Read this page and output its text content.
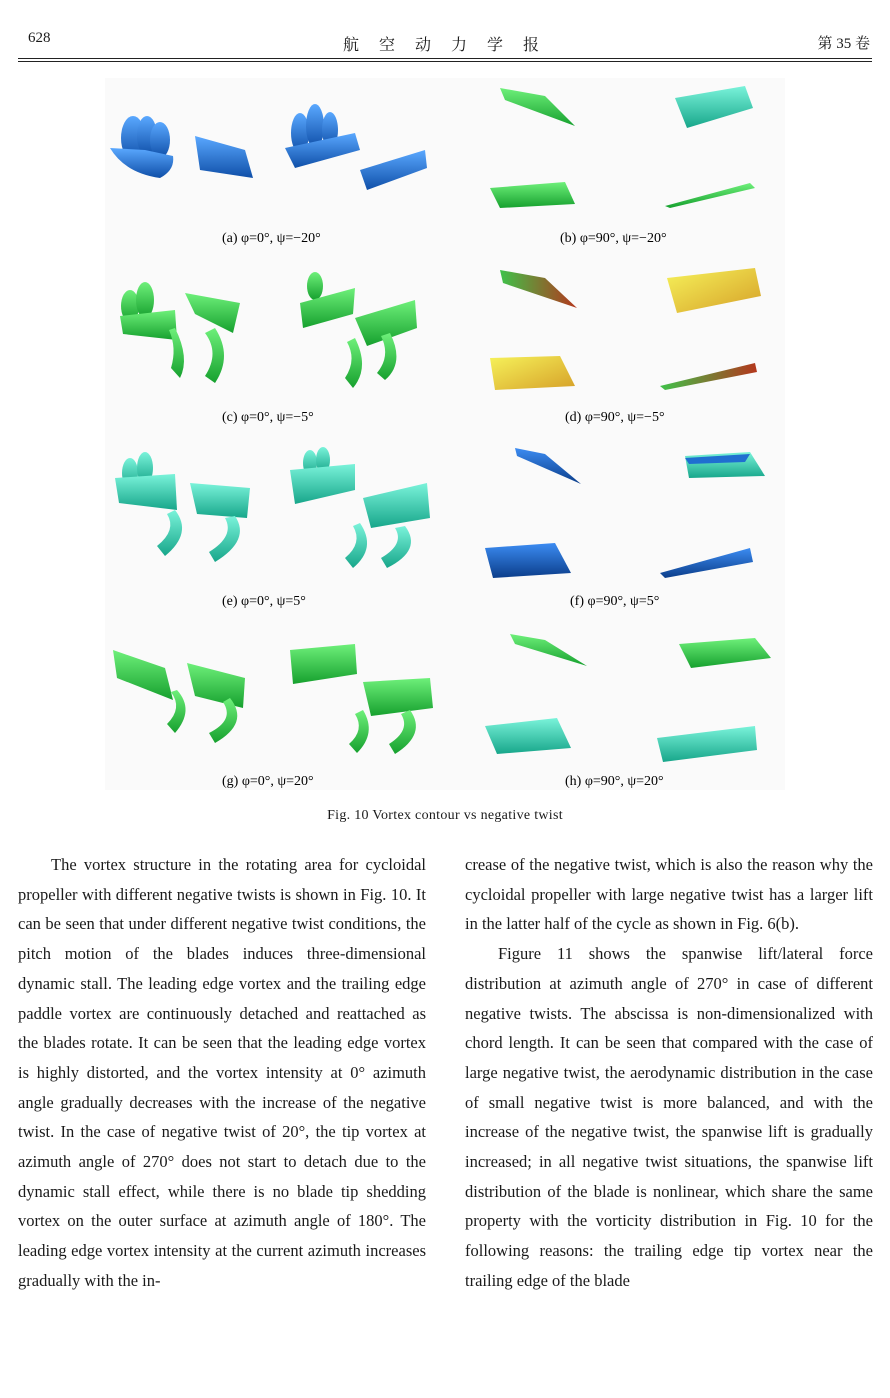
628	航 空 动 力 学 报	第 35 卷
(a) φ=0°, ψ=−20°	(b) φ=90°, ψ=−20°
(c) φ=0°, ψ=−5°	(d) φ=90°, ψ=−5°
(e) φ=0°, ψ=5°	(f) φ=90°, ψ=5°
(g) φ=0°, ψ=20°	(h) φ=90°, ψ=20°
Fig. 10 Vortex contour vs negative twist

The vortex structure in the rotating area for cycloidal propeller with different negative twists is shown in Fig. 10. It can be seen that under different negative twist conditions, the pitch motion of the blades induces three-dimensional dynamic stall. The leading edge vortex and the trailing edge paddle vortex are continuously detached and reattached as the blades rotate. It can be seen that the leading edge vortex is highly distorted, and the vortex intensity at 0° azimuth angle gradually decreases with the increase of the negative twist. In the case of negative twist of 20°, the tip vortex at azimuth angle of 270° does not start to detach due to the dynamic stall effect, while there is no blade tip shedding vortex on the outer surface at azimuth angle of 180°. The leading edge vortex intensity at the current azimuth increases gradually with the in-

crease of the negative twist, which is also the reason why the cycloidal propeller with large negative twist has a larger lift in the latter half of the cycle as shown in Fig. 6(b).

Figure 11 shows the spanwise lift/lateral force distribution at azimuth angle of 270° in case of different negative twists. The abscissa is non-dimensionalized with chord length. It can be seen that compared with the case of large negative twist, the aerodynamic distribution in the case of small negative twist is more balanced, and with the increase of the negative twist, the spanwise lift is gradually increased; in all negative twist situations, the spanwise lift distribution of the blade is nonlinear, which share the same property with the vorticity distribution in Fig. 10 for the following reasons: the trailing edge tip vortex near the trailing edge of the blade
